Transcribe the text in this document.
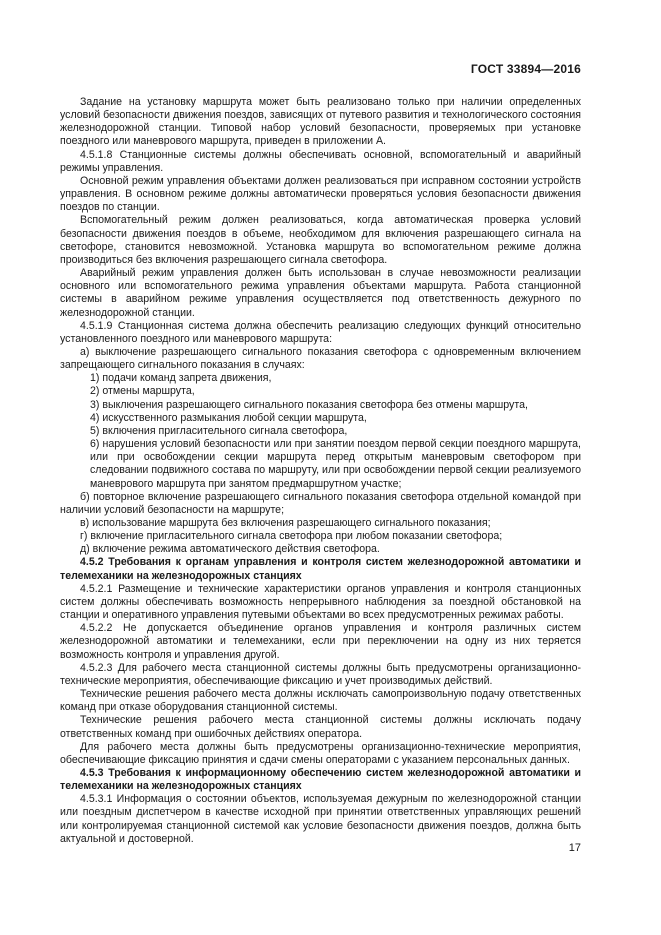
ГОСТ 33894—2016

Задание на установку маршрута может быть реализовано только при наличии определенных условий безопасности движения поездов, зависящих от путевого развития и технологического состояния железнодорожной станции. Типовой набор условий безопасности, проверяемых при установке поездного или маневрового маршрута, приведен в приложении А.

4.5.1.8 Станционные системы должны обеспечивать основной, вспомогательный и аварийный режимы управления.

Основной режим управления объектами должен реализоваться при исправном состоянии устройств управления. В основном режиме должны автоматически проверяться условия безопасности движения поездов по станции.

Вспомогательный режим должен реализоваться, когда автоматическая проверка условий безопасности движения поездов в объеме, необходимом для включения разрешающего сигнала на светофоре, становится невозможной. Установка маршрута во вспомогательном режиме должна производиться без включения разрешающего сигнала светофора.

Аварийный режим управления должен быть использован в случае невозможности реализации основного или вспомогательного режима управления объектами маршрута. Работа станционной системы в аварийном режиме управления осуществляется под ответственность дежурного по железнодорожной станции.

4.5.1.9 Станционная система должна обеспечить реализацию следующих функций относительно установленного поездного или маневрового маршрута:

а) выключение разрешающего сигнального показания светофора с одновременным включением запрещающего сигнального показания в случаях:

1) подачи команд запрета движения,

2) отмены маршрута,

3) выключения разрешающего сигнального показания светофора без отмены маршрута,

4) искусственного размыкания любой секции маршрута,

5) включения пригласительного сигнала светофора,

6) нарушения условий безопасности или при занятии поездом первой секции поездного маршрута, или при освобождении секции маршрута перед открытым маневровым светофором при следовании подвижного состава по маршруту, или при освобождении первой секции реализуемого маневрового маршрута при занятом предмаршрутном участке;

б) повторное включение разрешающего сигнального показания светофора отдельной командой при наличии условий безопасности на маршруте;

в) использование маршрута без включения разрешающего сигнального показания;

г) включение пригласительного сигнала светофора при любом показании светофора;

д) включение режима автоматического действия светофора.

4.5.2 Требования к органам управления и контроля систем железнодорожной автоматики и телемеханики на железнодорожных станциях

4.5.2.1 Размещение и технические характеристики органов управления и контроля станционных систем должны обеспечивать возможность непрерывного наблюдения за поездной обстановкой на станции и оперативного управления путевыми объектами во всех предусмотренных режимах работы.

4.5.2.2 Не допускается объединение органов управления и контроля различных систем железнодорожной автоматики и телемеханики, если при переключении на одну из них теряется возможность контроля и управления другой.

4.5.2.3 Для рабочего места станционной системы должны быть предусмотрены организационно-технические мероприятия, обеспечивающие фиксацию и учет производимых действий.

Технические решения рабочего места должны исключать самопроизвольную подачу ответственных команд при отказе оборудования станционной системы.

Технические решения рабочего места станционной системы должны исключать подачу ответственных команд при ошибочных действиях оператора.

Для рабочего места должны быть предусмотрены организационно-технические мероприятия, обеспечивающие фиксацию принятия и сдачи смены операторами с указанием персональных данных.

4.5.3 Требования к информационному обеспечению систем железнодорожной автоматики и телемеханики на железнодорожных станциях

4.5.3.1 Информация о состоянии объектов, используемая дежурным по железнодорожной станции или поездным диспетчером в качестве исходной при принятии ответственных управляющих решений или контролируемая станционной системой как условие безопасности движения поездов, должна быть актуальной и достоверной.

17
